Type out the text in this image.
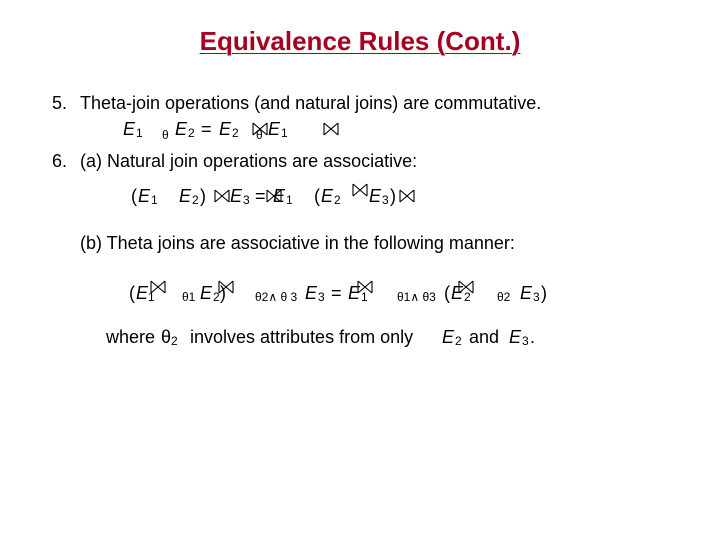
Equivalence Rules (Cont.)
5. Theta-join operations (and natural joins) are commutative.
E 1 θ E 2 = E 2 θ E 1
6. (a) Natural join operations are associative:
( E 1 E 2 ) E 3 = E 1 ( E 2 E 3 )
(b) Theta joins are associative in the following manner:
( E 1 θ1 E 2 ) θ2∧ θ 3 E 3 = E 1 θ1∧ θ3 ( E 2 θ2 E 3 )
where θ 2 involves attributes from only E 2 and E 3 .
